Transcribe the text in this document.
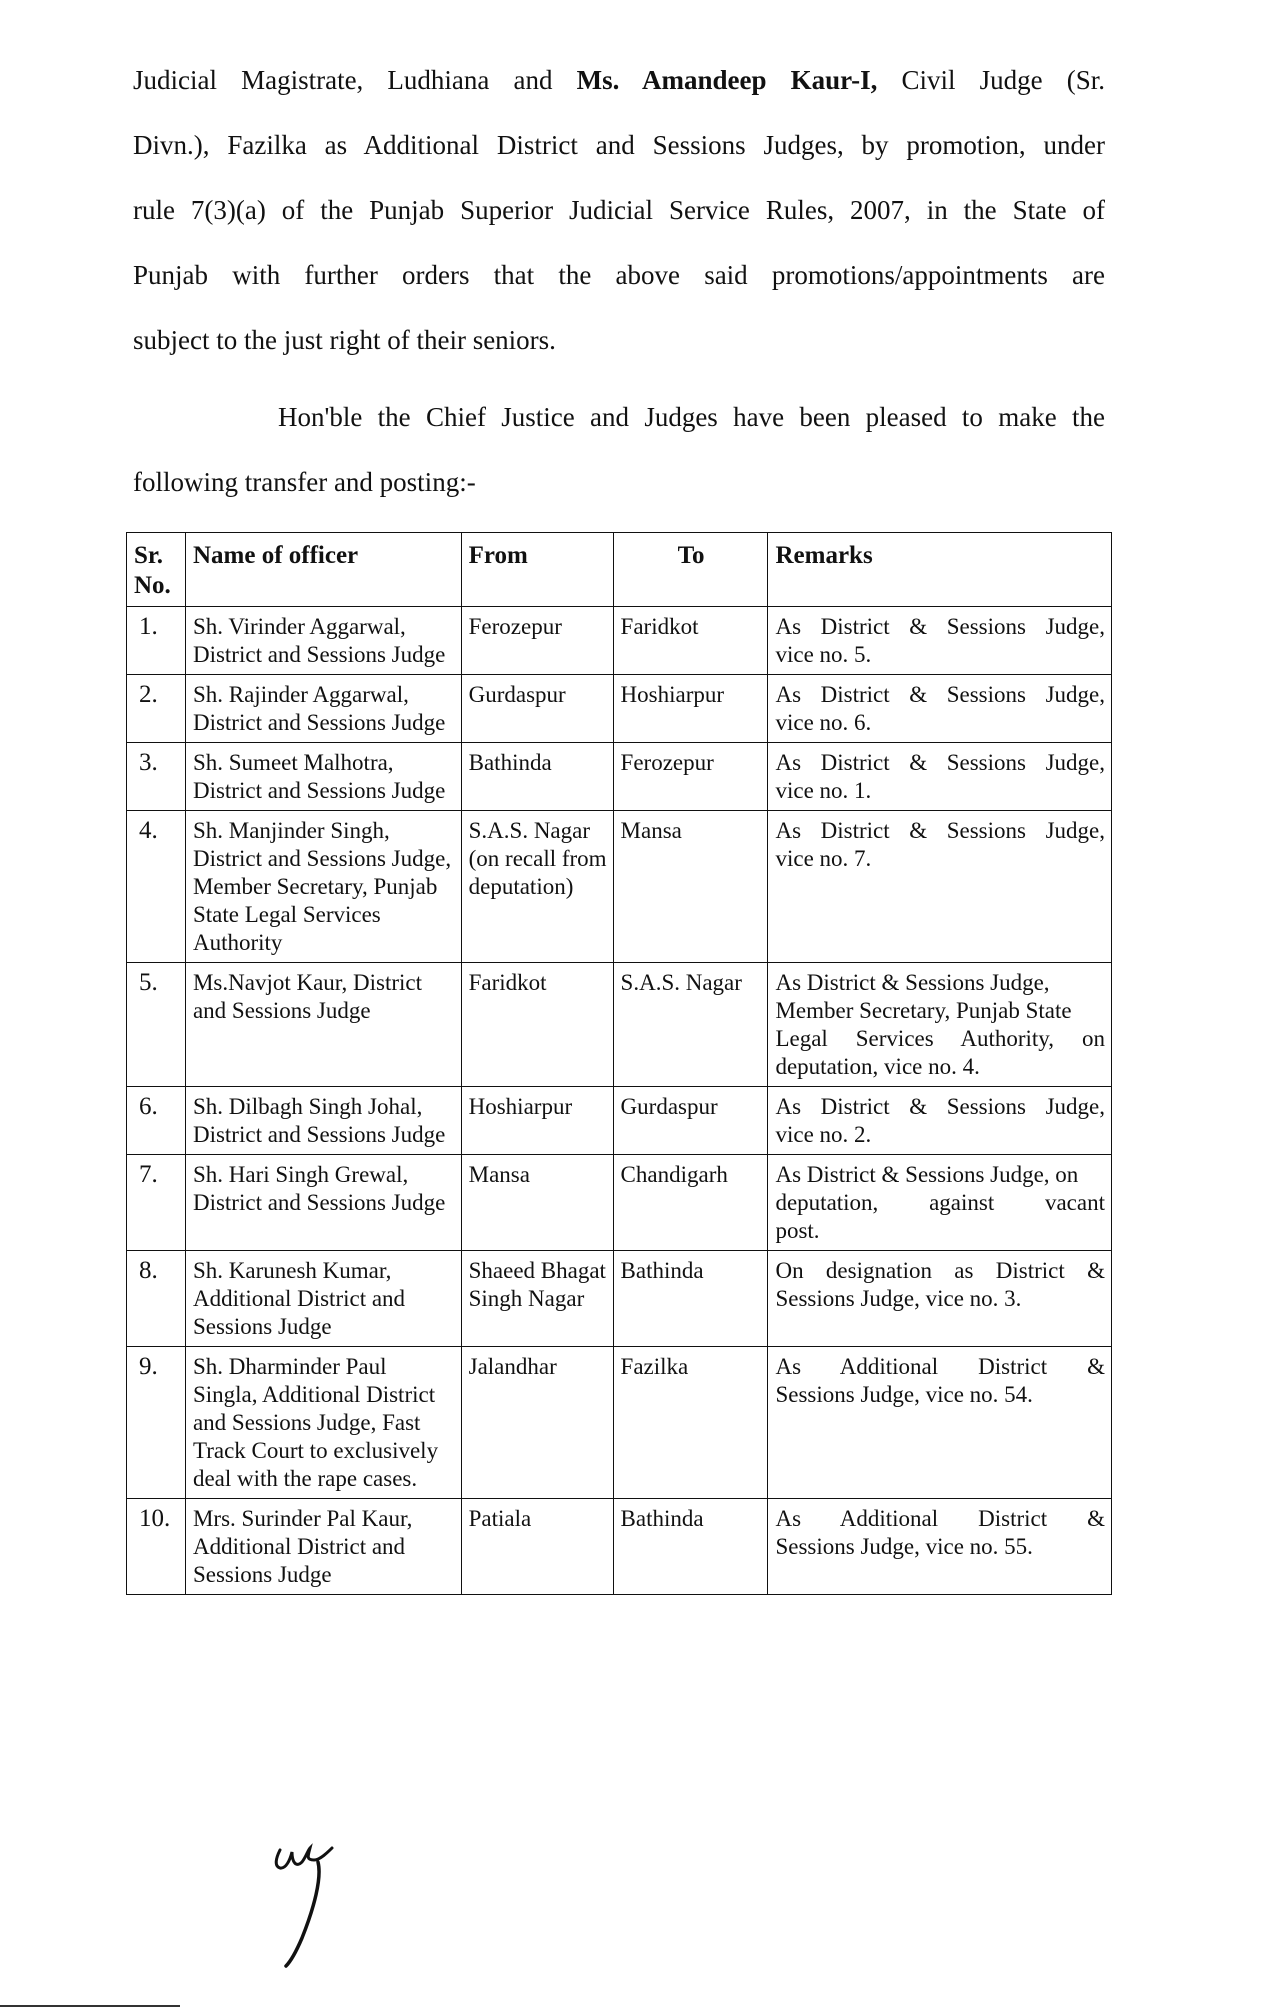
Judicial Magistrate, Ludhiana and Ms. Amandeep Kaur-I, Civil Judge (Sr.
Divn.), Fazilka as Additional District and Sessions Judges, by promotion, under
rule 7(3)(a) of the Punjab Superior Judicial Service Rules, 2007, in the State of
Punjab with further orders that the above said promotions/appointments are
subject to the just right of their seniors.
Hon'ble the Chief Justice and Judges have been pleased to make the
following transfer and posting:-
Sr. No.	Name of officer	From	To	Remarks
1.	Sh. Virinder Aggarwal, District and Sessions Judge	Ferozepur	Faridkot	As District & Sessions Judge,
vice no. 5.
2.	Sh. Rajinder Aggarwal, District and Sessions Judge	Gurdaspur	Hoshiarpur	As District & Sessions Judge,
vice no. 6.
3.	Sh. Sumeet Malhotra, District and Sessions Judge	Bathinda	Ferozepur	As District & Sessions Judge,
vice no. 1.
4.	Sh. Manjinder Singh, District and Sessions Judge, Member Secretary, Punjab State Legal Services Authority	S.A.S. Nagar (on recall from deputation)	Mansa	As District & Sessions Judge,
vice no. 7.
5.	Ms.Navjot Kaur, District and Sessions Judge	Faridkot	S.A.S. Nagar	As District & Sessions Judge, Member Secretary, Punjab State Legal Services Authority, on
deputation, vice no. 4.
6.	Sh. Dilbagh Singh Johal, District and Sessions Judge	Hoshiarpur	Gurdaspur	As District & Sessions Judge,
vice no. 2.
7.	Sh. Hari Singh Grewal, District and Sessions Judge	Mansa	Chandigarh	As District & Sessions Judge, on deputation, against vacant
post.
8.	Sh. Karunesh Kumar, Additional District and Sessions Judge	Shaeed Bhagat Singh Nagar	Bathinda	On designation as District &
Sessions Judge, vice no. 3.
9.	Sh. Dharminder Paul Singla, Additional District and Sessions Judge, Fast Track Court to exclusively deal with the rape cases.	Jalandhar	Fazilka	As Additional District &
Sessions Judge, vice no. 54.
10.	Mrs. Surinder Pal Kaur, Additional District and Sessions Judge	Patiala	Bathinda	As Additional District &
Sessions Judge, vice no. 55.
